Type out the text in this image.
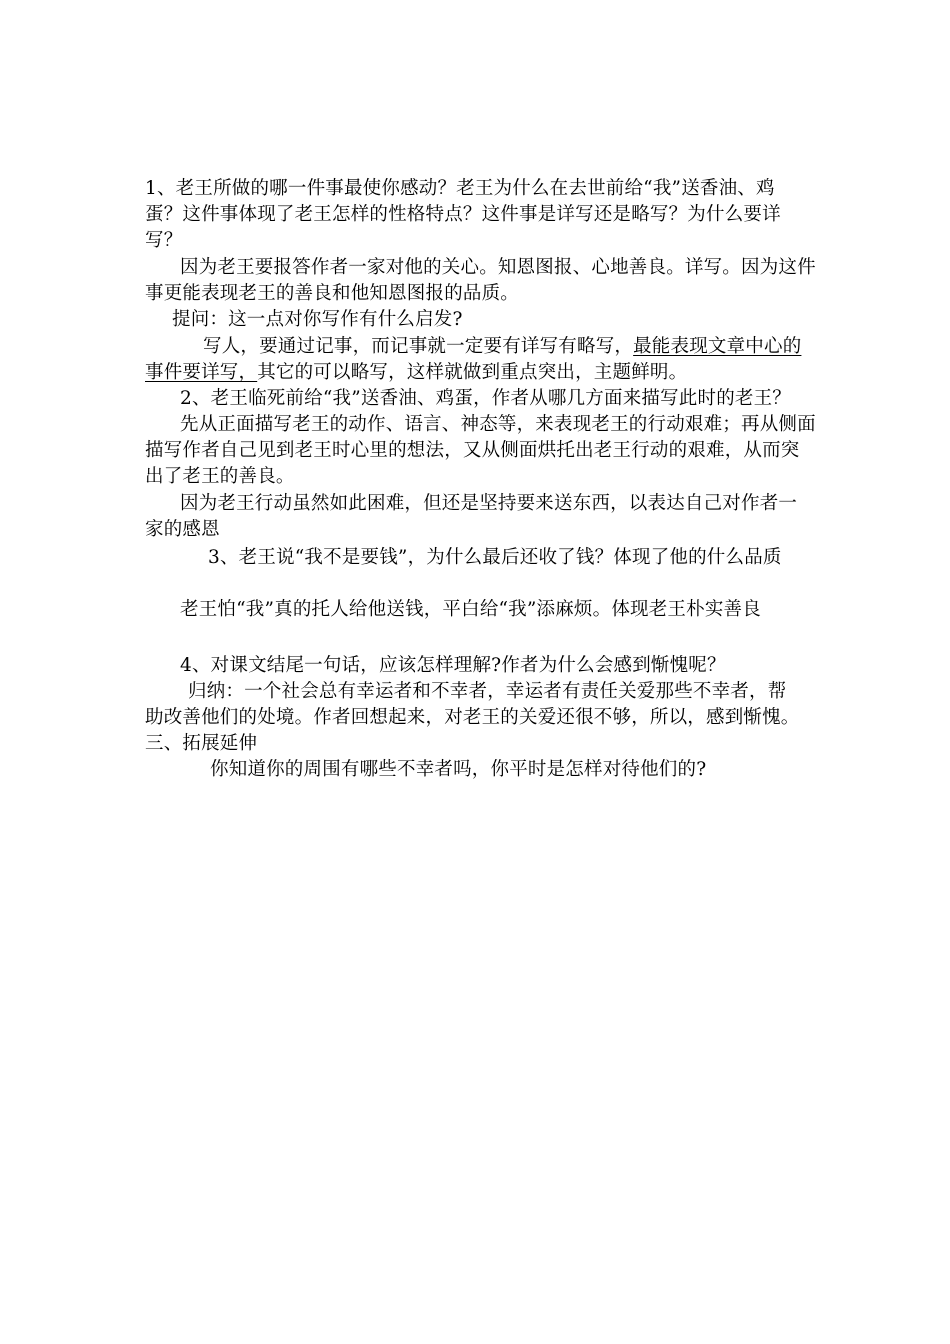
1、老王所做的哪一件事最使你感动？老王为什么在去世前给“我”送香油、鸡
蛋？这件事体现了老王怎样的性格特点？这件事是详写还是略写？为什么要详
写？
因为老王要报答作者一家对他的关心。知恩图报、心地善良。详写。因为这件
事更能表现老王的善良和他知恩图报的品质。
提问：这一点对你写作有什么启发?
写人，要通过记事，而记事就一定要有详写有略写，最能表现文章中心的
事件要详写，其它的可以略写，这样就做到重点突出，主题鲜明。
2、老王临死前给“我”送香油、鸡蛋，作者从哪几方面来描写此时的老王？
先从正面描写老王的动作、语言、神态等，来表现老王的行动艰难；再从侧面
描写作者自己见到老王时心里的想法，又从侧面烘托出老王行动的艰难，从而突
出了老王的善良。
因为老王行动虽然如此困难，但还是坚持要来送东西，以表达自己对作者一
家的感恩
3、老王说“我不是要钱”，为什么最后还收了钱？体现了他的什么品质
老王怕“我”真的托人给他送钱，平白给“我”添麻烦。体现老王朴实善良
4、对课文结尾一句话，应该怎样理解?作者为什么会感到惭愧呢？
归纳：一个社会总有幸运者和不幸者，幸运者有责任关爱那些不幸者，帮
助改善他们的处境。作者回想起来，对老王的关爱还很不够，所以，感到惭愧。
三、拓展延伸
你知道你的周围有哪些不幸者吗，你平时是怎样对待他们的?
